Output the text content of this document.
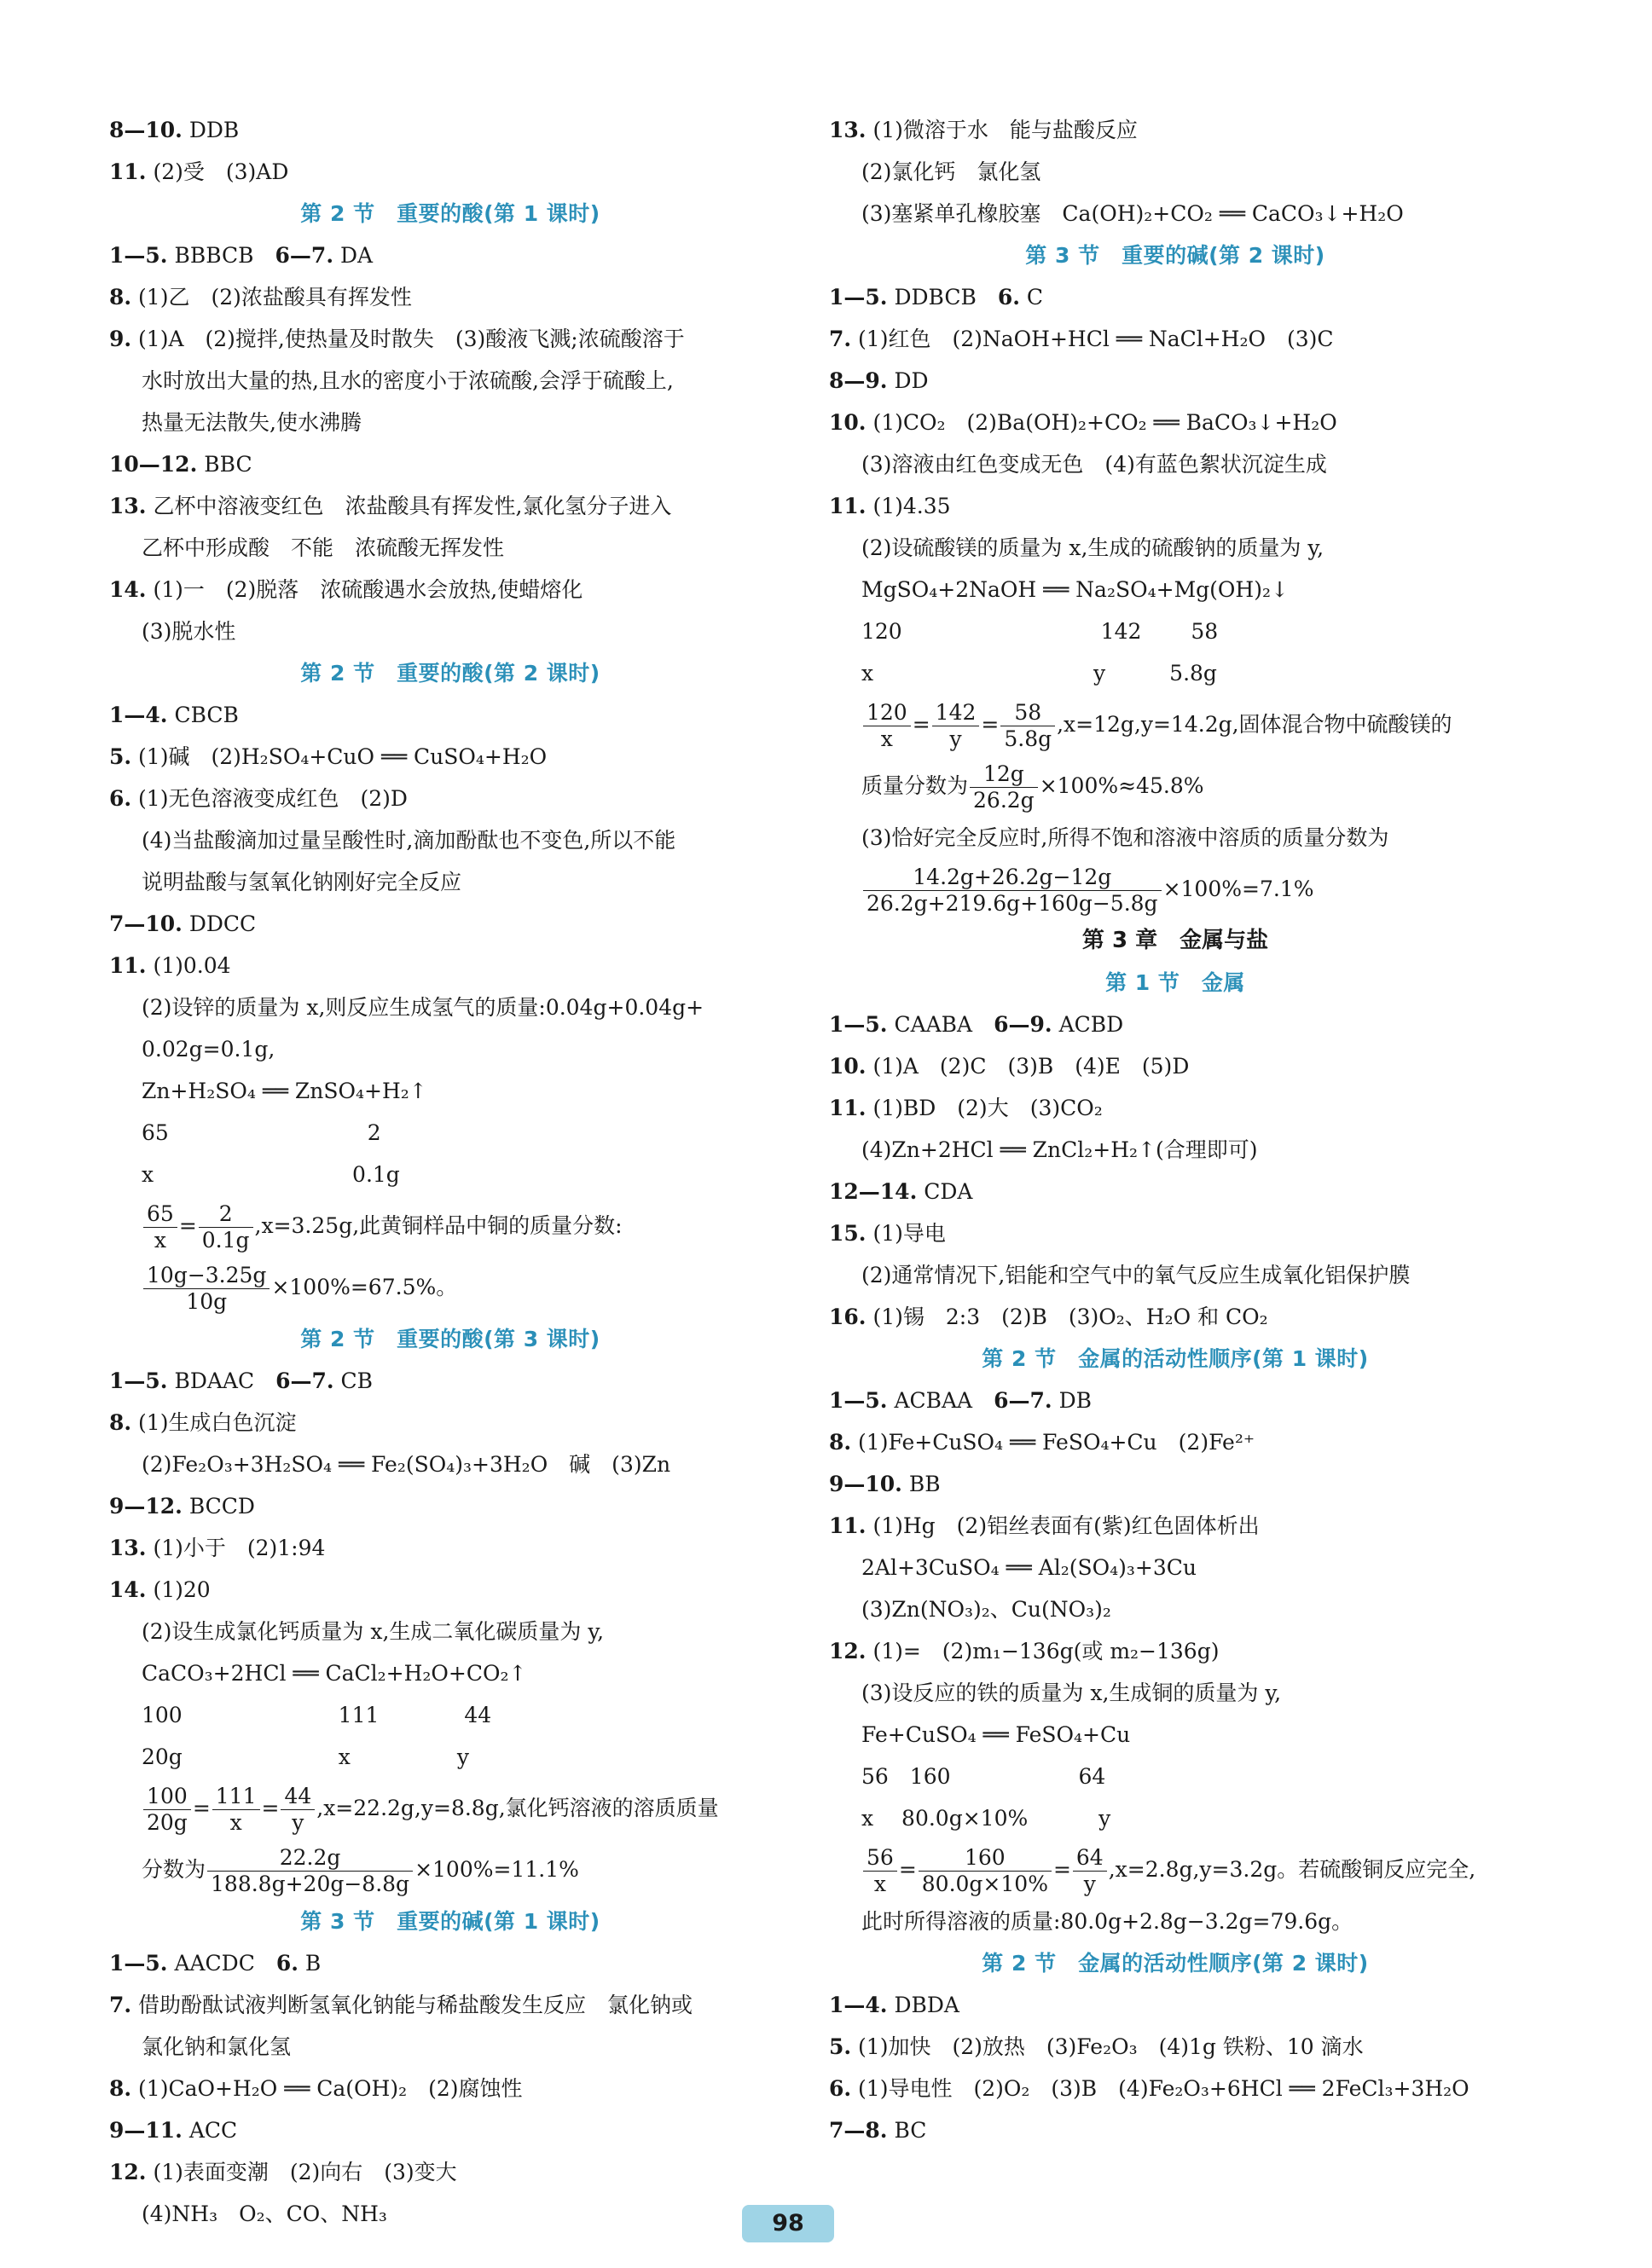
8—10. DDB
11. (2)受　(3)AD
第 2 节　重要的酸(第 1 课时)
1—5. BBBCB　6—7. DA
8. (1)乙　(2)浓盐酸具有挥发性
9. (1)A　(2)搅拌,使热量及时散失　(3)酸液飞溅;浓硫酸溶于
水时放出大量的热,且水的密度小于浓硫酸,会浮于硫酸上,
热量无法散失,使水沸腾
10—12. BBC
13. 乙杯中溶液变红色　浓盐酸具有挥发性,氯化氢分子进入
乙杯中形成酸　不能　浓硫酸无挥发性
14. (1)一　(2)脱落　浓硫酸遇水会放热,使蜡熔化
(3)脱水性
第 2 节　重要的酸(第 2 课时)
1—4. CBCB
5. (1)碱　(2)H₂SO₄+CuO ══ CuSO₄+H₂O
6. (1)无色溶液变成红色　(2)D
(4)当盐酸滴加过量呈酸性时,滴加酚酞也不变色,所以不能
说明盐酸与氢氧化钠刚好完全反应
7—10. DDCC
11. (1)0.04
(2)设锌的质量为 x,则反应生成氢气的质量:0.04g+0.04g+
0.02g=0.1g,
Zn+H₂SO₄ ══ ZnSO₄+H₂↑
65　　　　　　　　　 2
x　　　　　　　　　 0.1g
$\frac{65}{x} = \frac{2}{0.1g} ,x=3.25g$,此黄铜样品中铜的质量分数:
$\frac{10g-3.25g}{10g} \times 100\%=67.5\%$。
第 2 节　重要的酸(第 3 课时)
1—5. BDAAC　6—7. CB
8. (1)生成白色沉淀
(2)Fe₂O₃+3H₂SO₄ ══ Fe₂(SO₄)₃+3H₂O　碱　(3)Zn
9—12. BCCD
13. (1)小于　(2)1:94
14. (1)20
(2)设生成氯化钙质量为 x,生成二氧化碳质量为 y,
CaCO₃+2HCl ══ CaCl₂+H₂O+CO₂↑
100　　　　　　　 111　　　　44
20g　　　　　　　 x　　　　　y
$\frac{100}{20g} = \frac{111}{x} = \frac{44}{y} ,x=22.2g,y=8.8g$,氯化钙溶液的溶质质量
分数为 $\frac{22.2g}{188.8g+20g-8.8g} \times 100\%=11.1\%$
第 3 节　重要的碱(第 1 课时)
1—5. AACDC　6. B
7. 借助酚酞试液判断氢氧化钠能与稀盐酸发生反应　氯化钠或
氯化钠和氯化氢
8. (1)CaO+H₂O ══ Ca(OH)₂　(2)腐蚀性
9—11. ACC
12. (1)表面变潮　(2)向右　(3)变大
(4)NH₃　O₂、CO、NH₃
13. (1)微溶于水　能与盐酸反应
(2)氯化钙　氯化氢
(3)塞紧单孔橡胶塞　Ca(OH)₂+CO₂ ══ CaCO₃↓+H₂O
第 3 节　重要的碱(第 2 课时)
1—5. DDBCB　6. C
7. (1)红色　(2)NaOH+HCl ══ NaCl+H₂O　(3)C
8—9. DD
10. (1)CO₂　(2)Ba(OH)₂+CO₂ ══ BaCO₃↓+H₂O
(3)溶液由红色变成无色　(4)有蓝色絮状沉淀生成
11. (1)4.35
(2)设硫酸镁的质量为 x,生成的硫酸钠的质量为 y,
MgSO₄+2NaOH ══ Na₂SO₄+Mg(OH)₂↓
120　　　　　　　　　 142　　 58
x　　　　　　　　　　 y　　　5.8g
$\frac{120}{x} = \frac{142}{y} = \frac{58}{5.8g} ,x=12g,y=14.2g$,固体混合物中硫酸镁的
质量分数为 $\frac{12g}{26.2g} \times 100\%\approx 45.8\%$
(3)恰好完全反应时,所得不饱和溶液中溶质的质量分数为
$\frac{14.2g+26.2g-12g}{26.2g+219.6g+160g-5.8g} \times 100\%=7.1\%$
第 3 章　金属与盐
第 1 节　金属
1—5. CAABA　6—9. ACBD
10. (1)A　(2)C　(3)B　(4)E　(5)D
11. (1)BD　(2)大　(3)CO₂
(4)Zn+2HCl ══ ZnCl₂+H₂↑(合理即可)
12—14. CDA
15. (1)导电
(2)通常情况下,铝能和空气中的氧气反应生成氧化铝保护膜
16. (1)锡　2:3　(2)B　(3)O₂、H₂O 和 CO₂
第 2 节　金属的活动性顺序(第 1 课时)
1—5. ACBAA　6—7. DB
8. (1)Fe+CuSO₄ ══ FeSO₄+Cu　(2)Fe²⁺
9—10. BB
11. (1)Hg　(2)铝丝表面有(紫)红色固体析出
2Al+3CuSO₄ ══ Al₂(SO₄)₃+3Cu
(3)Zn(NO₃)₂、Cu(NO₃)₂
12. (1)=　(2)m₁−136g(或 m₂−136g)
(3)设反应的铁的质量为 x,生成铜的质量为 y,
Fe+CuSO₄ ══ FeSO₄+Cu
56　160　　　　　　64
x　 80.0g×10%　　　 y
$\frac{56}{x} = \frac{160}{80.0g\times 10\%} = \frac{64}{y} ,x=2.8g,y=3.2g$。若硫酸铜反应完全,
此时所得溶液的质量:80.0g+2.8g−3.2g=79.6g。
第 2 节　金属的活动性顺序(第 2 课时)
1—4. DBDA
5. (1)加快　(2)放热　(3)Fe₂O₃　(4)1g 铁粉、10 滴水
6. (1)导电性　(2)O₂　(3)B　(4)Fe₂O₃+6HCl ══ 2FeCl₃+3H₂O
7—8. BC
98
